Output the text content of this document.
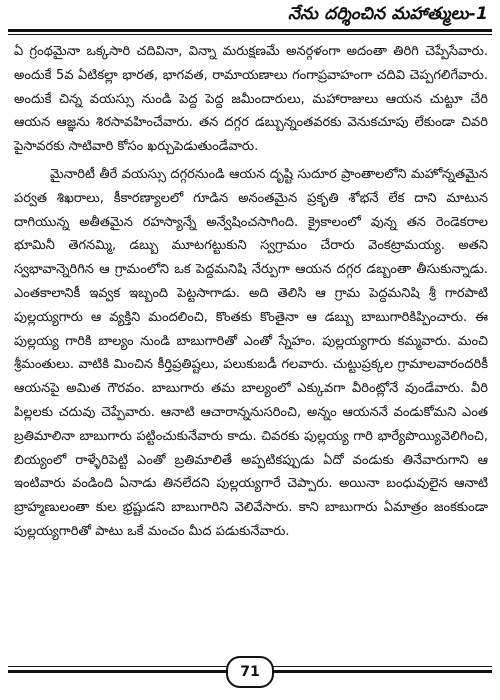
నేను దర్శించిన మహాత్ములు-1

ఏ గ్రంథమైనా ఒక్కసారి చదివినా, విన్నా మరుక్షణమే అనర్గళంగా అదంతా తిరిగి చెప్పేసేవారు. అందుకే 5వ ఏటికల్లా భారత, భాగవత, రామాయణాలు గంగాప్రవాహంగా చదివి చెప్పగలిగేవారు. అందుకే చిన్న వయస్సు నుండి పెద్ద పెద్ద జమీందారులు, మహారాజులు ఆయన చుట్టూ చేరి ఆయన ఆజ్ఞను శిరసావహించేవారు. తన దగ్గర డబ్బున్నంతవరకు వెనుకచూపు లేకుండా చివరి పైసావరకు సాటివారి కోసం ఖర్చుపెడుతుండేవారు.

మైనారిటీ తీరే వయస్సు దగ్గరనుండి ఆయన దృష్టి సుదూర ప్రాంతాలలోని మహోన్నతమైన పర్వత శిఖరాలు, కీకారణ్యాలలో గూడిన అనంతమైన ప్రకృతి శోభనే లేక దాని మాటున దాగియున్న అతీతమైన రహస్యాన్నే అన్వేషించసాగింది. క్రైకాలంలో వున్న తన రెండెకరాల భూమినీ తెగనమ్మి, డబ్బు మూటగట్టుకుని స్వగ్రామం చేరారు వెంకట్రామయ్య. అతని స్వభావాన్నెరిగిన ఆ గ్రామంలోని ఒక పెద్దమనిషి నేర్పుగా ఆయన దగ్గర డబ్బంతా తీసుకున్నాడు. ఎంతకాలానికీ ఇవ్వక ఇబ్బంది పెట్టసాగాడు. అది తెలిసి ఆ గ్రామ పెద్దమనిషి శ్రీ గారపాటి పుల్లయ్యగారు ఆ వ్యక్తిని మందలించి, కొంతకు కొంతైనా ఆ డబ్బు బాబుగారికిప్పించారు. ఈ పుల్లయ్య గారికి బాల్యం నుండి బాబుగారితో ఎంతో స్నేహం. పుల్లయ్యగారు కమ్మవారు. మంచి శ్రీమంతులు. వాటికి మించిన కీర్తిప్రతిష్టలు, పలుకుబడీ గలవారు. చుట్టుప్రక్కల గ్రామాలవారందరికీ ఆయనపై అమిత గౌరవం. బాబుగారు తమ బాల్యంలో ఎక్కువగా వీరింట్లోనే వుండేవారు. వీరి పిల్లలకు చదువు చెప్పేవారు. ఆనాటి ఆచారాన్ననుసరించి, అన్నం ఆయననే వండుకోమని ఎంత బ్రతిమాలినా బాబుగారు పట్టించుకునేవారు కాదు. చివరకు పుల్లయ్య గారి భార్యేపొయ్యివెలిగించి, బియ్యంలో రాళ్ళేరిపెట్టి ఎంతో బ్రతిమాలితే అప్పటికప్పుడు ఏదో వండుకు తినేవారుగాని ఆ ఇంటివారు వండింది ఏనాడు తినలేదని పుల్లయ్యగారే చెప్పారు. అయినా బంధువులైన ఆనాటి బ్రాహ్మణులంతా కుల భ్రష్టుడని బాబుగారిని వెలివేసారు. కాని బాబుగారు ఏమాత్రం జంకకుండా పుల్లయ్యగారితో పాటు ఒకే మంచం మీద పడుకునేవారు.

71
